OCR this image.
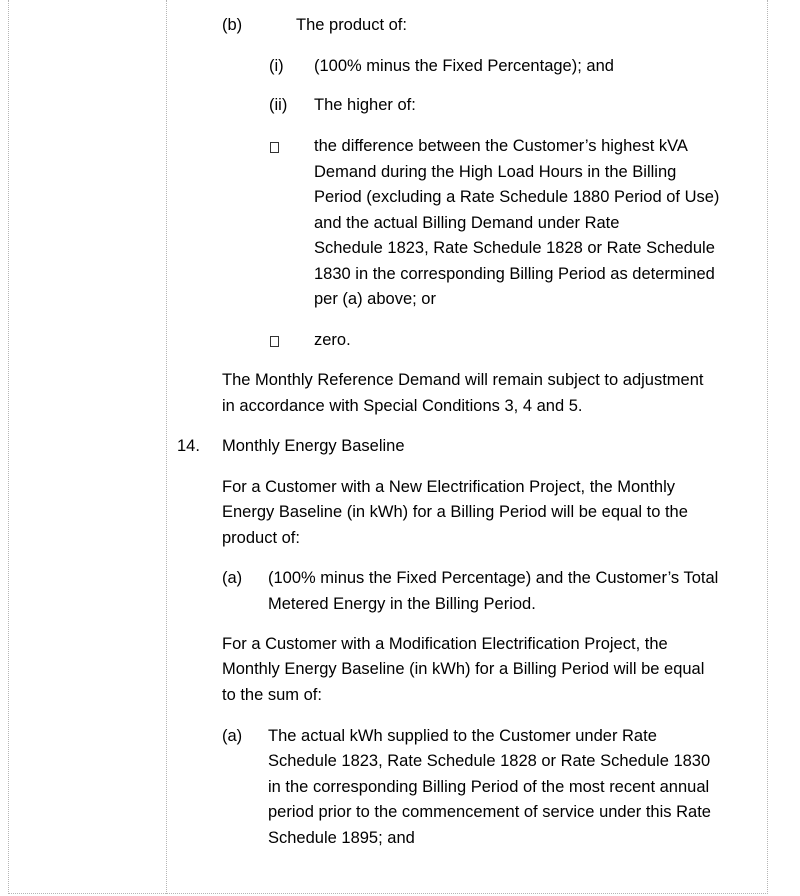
(b)	The product of:
(i) (100% minus the Fixed Percentage); and
(ii) The higher of:
the difference between the Customer’s highest kVA
Demand during the High Load Hours in the Billing
Period (excluding a Rate Schedule 1880 Period of Use)
and the actual Billing Demand under Rate
Schedule 1823, Rate Schedule 1828 or Rate Schedule
1830 in the corresponding Billing Period as determined
per (a) above; or
zero.
The Monthly Reference Demand will remain subject to adjustment
in accordance with Special Conditions 3, 4 and 5.
14. Monthly Energy Baseline
For a Customer with a New Electrification Project, the Monthly
Energy Baseline (in kWh) for a Billing Period will be equal to the
product of:
(a) (100% minus the Fixed Percentage) and the Customer’s Total
Metered Energy in the Billing Period.
For a Customer with a Modification Electrification Project, the
Monthly Energy Baseline (in kWh) for a Billing Period will be equal
to the sum of:
(a) The actual kWh supplied to the Customer under Rate
Schedule 1823, Rate Schedule 1828 or Rate Schedule 1830
in the corresponding Billing Period of the most recent annual
period prior to the commencement of service under this Rate
Schedule 1895; and
